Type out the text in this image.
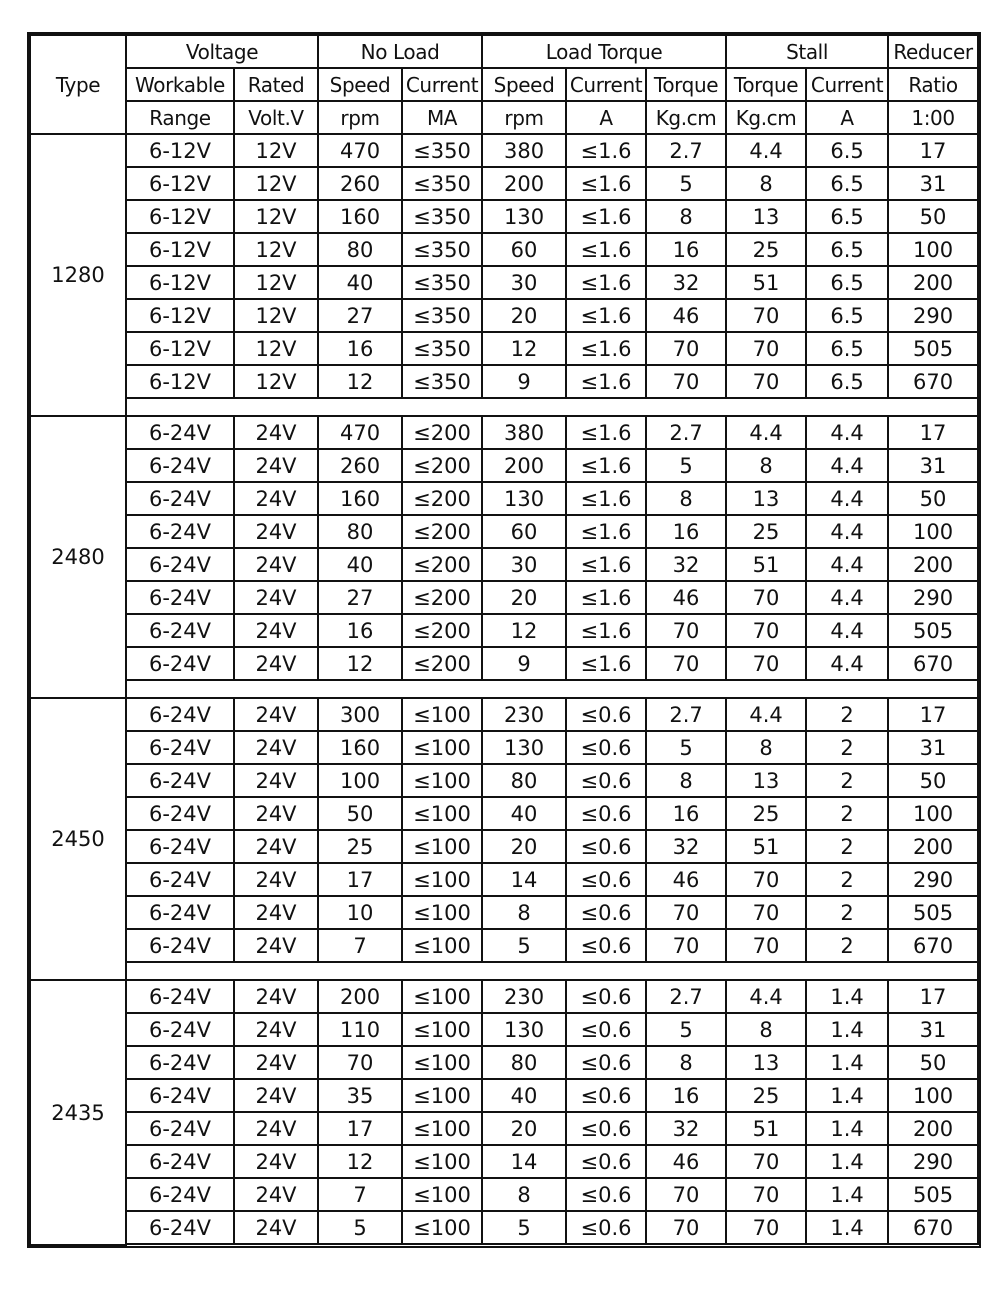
Type	Voltage		No Load		Load Torque			Stall		Reducer
	Workable	Rated	Speed	Current	Speed	Current	Torque	Torque	Current	Ratio
	Range	Volt.V	rpm	MA	rpm	A	Kg.cm	Kg.cm	A	1:00
1280	6-12V	12V	470	≤350	380	≤1.6	2.7	4.4	6.5	17
	6-12V	12V	260	≤350	200	≤1.6	5	8	6.5	31
	6-12V	12V	160	≤350	130	≤1.6	8	13	6.5	50
	6-12V	12V	80	≤350	60	≤1.6	16	25	6.5	100
	6-12V	12V	40	≤350	30	≤1.6	32	51	6.5	200
	6-12V	12V	27	≤350	20	≤1.6	46	70	6.5	290
	6-12V	12V	16	≤350	12	≤1.6	70	70	6.5	505
	6-12V	12V	12	≤350	9	≤1.6	70	70	6.5	670

2480	6-24V	24V	470	≤200	380	≤1.6	2.7	4.4	4.4	17
	6-24V	24V	260	≤200	200	≤1.6	5	8	4.4	31
	6-24V	24V	160	≤200	130	≤1.6	8	13	4.4	50
	6-24V	24V	80	≤200	60	≤1.6	16	25	4.4	100
	6-24V	24V	40	≤200	30	≤1.6	32	51	4.4	200
	6-24V	24V	27	≤200	20	≤1.6	46	70	4.4	290
	6-24V	24V	16	≤200	12	≤1.6	70	70	4.4	505
	6-24V	24V	12	≤200	9	≤1.6	70	70	4.4	670

2450	6-24V	24V	300	≤100	230	≤0.6	2.7	4.4	2	17
	6-24V	24V	160	≤100	130	≤0.6	5	8	2	31
	6-24V	24V	100	≤100	80	≤0.6	8	13	2	50
	6-24V	24V	50	≤100	40	≤0.6	16	25	2	100
	6-24V	24V	25	≤100	20	≤0.6	32	51	2	200
	6-24V	24V	17	≤100	14	≤0.6	46	70	2	290
	6-24V	24V	10	≤100	8	≤0.6	70	70	2	505
	6-24V	24V	7	≤100	5	≤0.6	70	70	2	670

2435	6-24V	24V	200	≤100	230	≤0.6	2.7	4.4	1.4	17
	6-24V	24V	110	≤100	130	≤0.6	5	8	1.4	31
	6-24V	24V	70	≤100	80	≤0.6	8	13	1.4	50
	6-24V	24V	35	≤100	40	≤0.6	16	25	1.4	100
	6-24V	24V	17	≤100	20	≤0.6	32	51	1.4	200
	6-24V	24V	12	≤100	14	≤0.6	46	70	1.4	290
	6-24V	24V	7	≤100	8	≤0.6	70	70	1.4	505
	6-24V	24V	5	≤100	5	≤0.6	70	70	1.4	670
